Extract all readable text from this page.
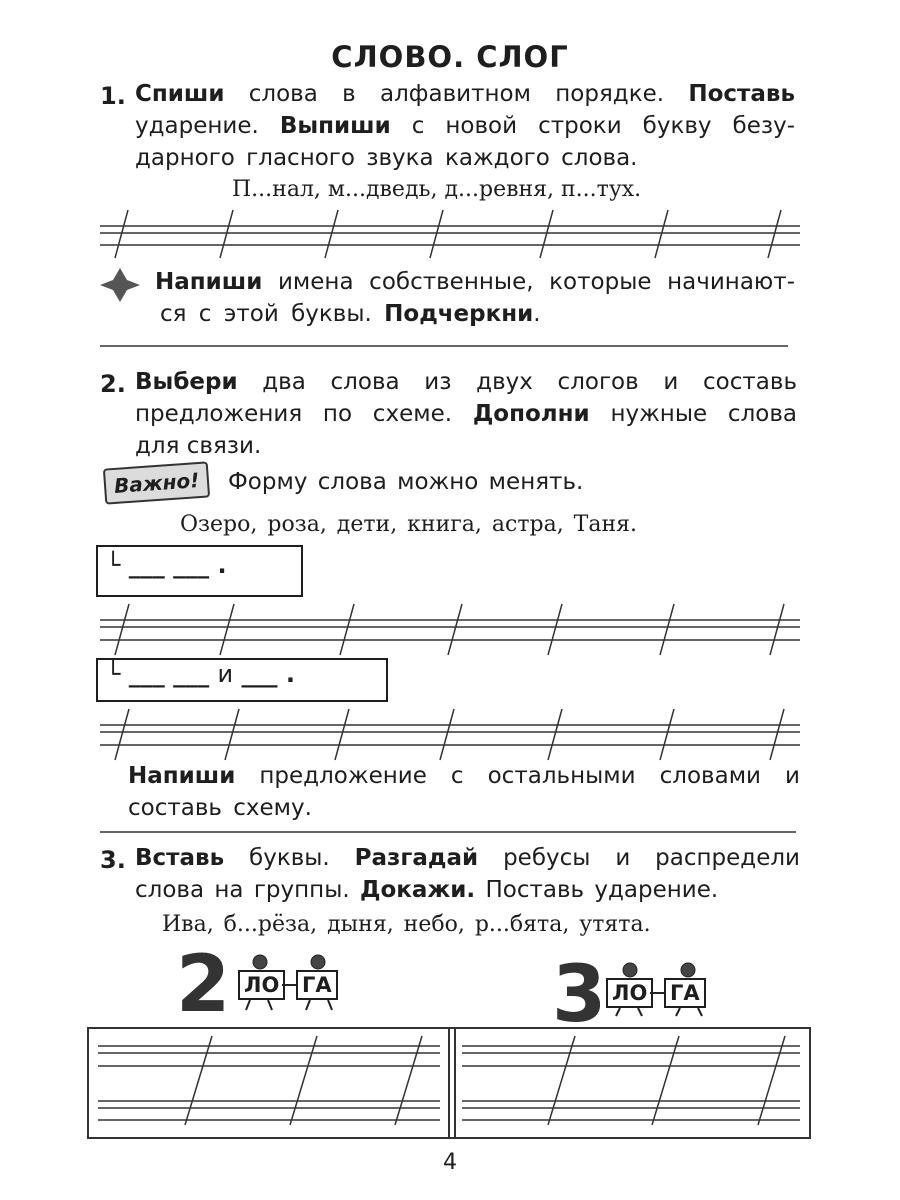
СЛОВО. СЛОГ
1. Спиши слова в алфавитном порядке. Поставь
ударение. Выпиши с новой строки букву безу-
дарного гласного звука каждого слова.
П...нал, м...дведь, д...ревня, п...тух.
Напиши имена собственные, которые начинают-
ся с этой буквы. Подчеркни.
2. Выбери два слова из двух слогов и составь
предложения по схеме. Дополни нужные слова
для связи.
Важно!	Форму слова можно менять.
Озеро, роза, дети, книга, астра, Таня.
└ ___ ___ .
└ ___ ___ и ___ .
Напиши предложение с остальными словами и
составь схему.
3. Вставь буквы. Разгадай ребусы и распредели
слова на группы. Докажи. Поставь ударение.
Ива, б...рёза, дыня, небо, р...бята, утята.
2 ЛО ГА	3 ЛО ГА
4
